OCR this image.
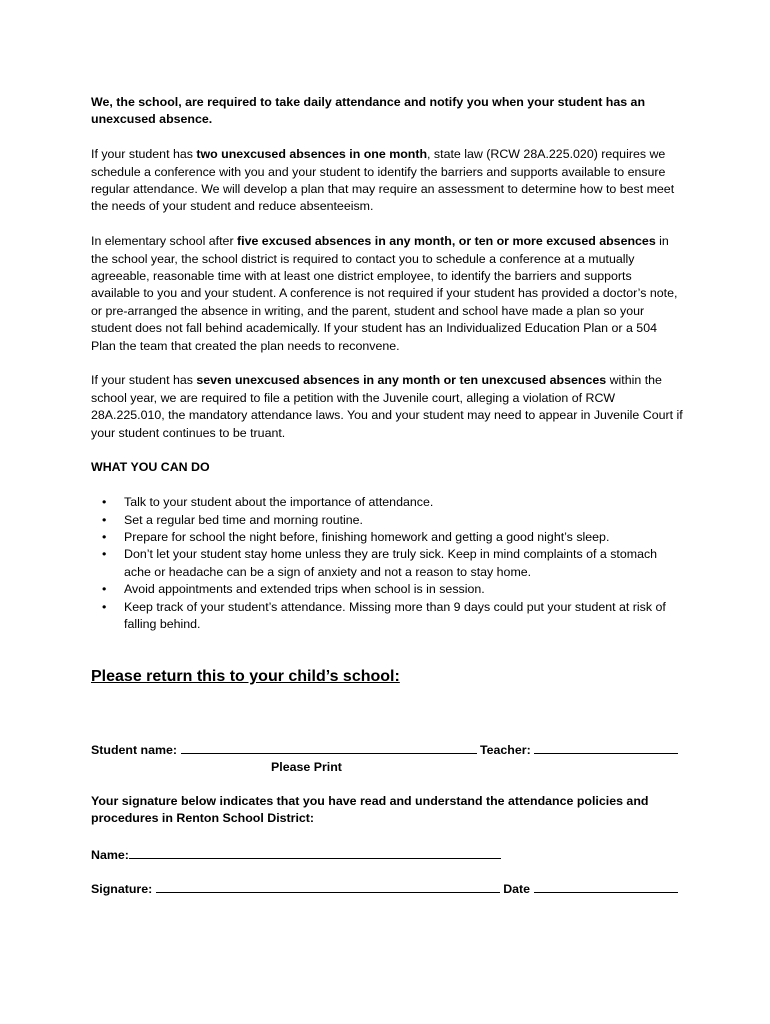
We, the school, are required to take daily attendance and notify you when your student has an unexcused absence.

If your student has two unexcused absences in one month, state law (RCW 28A.225.020) requires we schedule a conference with you and your student to identify the barriers and supports available to ensure regular attendance. We will develop a plan that may require an assessment to determine how to best meet the needs of your student and reduce absenteeism.

In elementary school after five excused absences in any month, or ten or more excused absences in the school year, the school district is required to contact you to schedule a conference at a mutually agreeable, reasonable time with at least one district employee, to identify the barriers and supports available to you and your student. A conference is not required if your student has provided a doctor’s note, or pre-arranged the absence in writing, and the parent, student and school have made a plan so your student does not fall behind academically. If your student has an Individualized Education Plan or a 504 Plan the team that created the plan needs to reconvene.

If your student has seven unexcused absences in any month or ten unexcused absences within the school year, we are required to file a petition with the Juvenile court, alleging a violation of RCW 28A.225.010, the mandatory attendance laws. You and your student may need to appear in Juvenile Court if your student continues to be truant.

WHAT YOU CAN DO

• Talk to your student about the importance of attendance.
• Set a regular bed time and morning routine.
• Prepare for school the night before, finishing homework and getting a good night’s sleep.
• Don’t let your student stay home unless they are truly sick. Keep in mind complaints of a stomach ache or headache can be a sign of anxiety and not a reason to stay home.
• Avoid appointments and extended trips when school is in session.
• Keep track of your student’s attendance. Missing more than 9 days could put your student at risk of falling behind.
Please return this to your child’s school:
Student name:	Teacher:
Please Print
Your signature below indicates that you have read and understand the attendance policies and procedures in Renton School District:
Name:
Signature:	Date
